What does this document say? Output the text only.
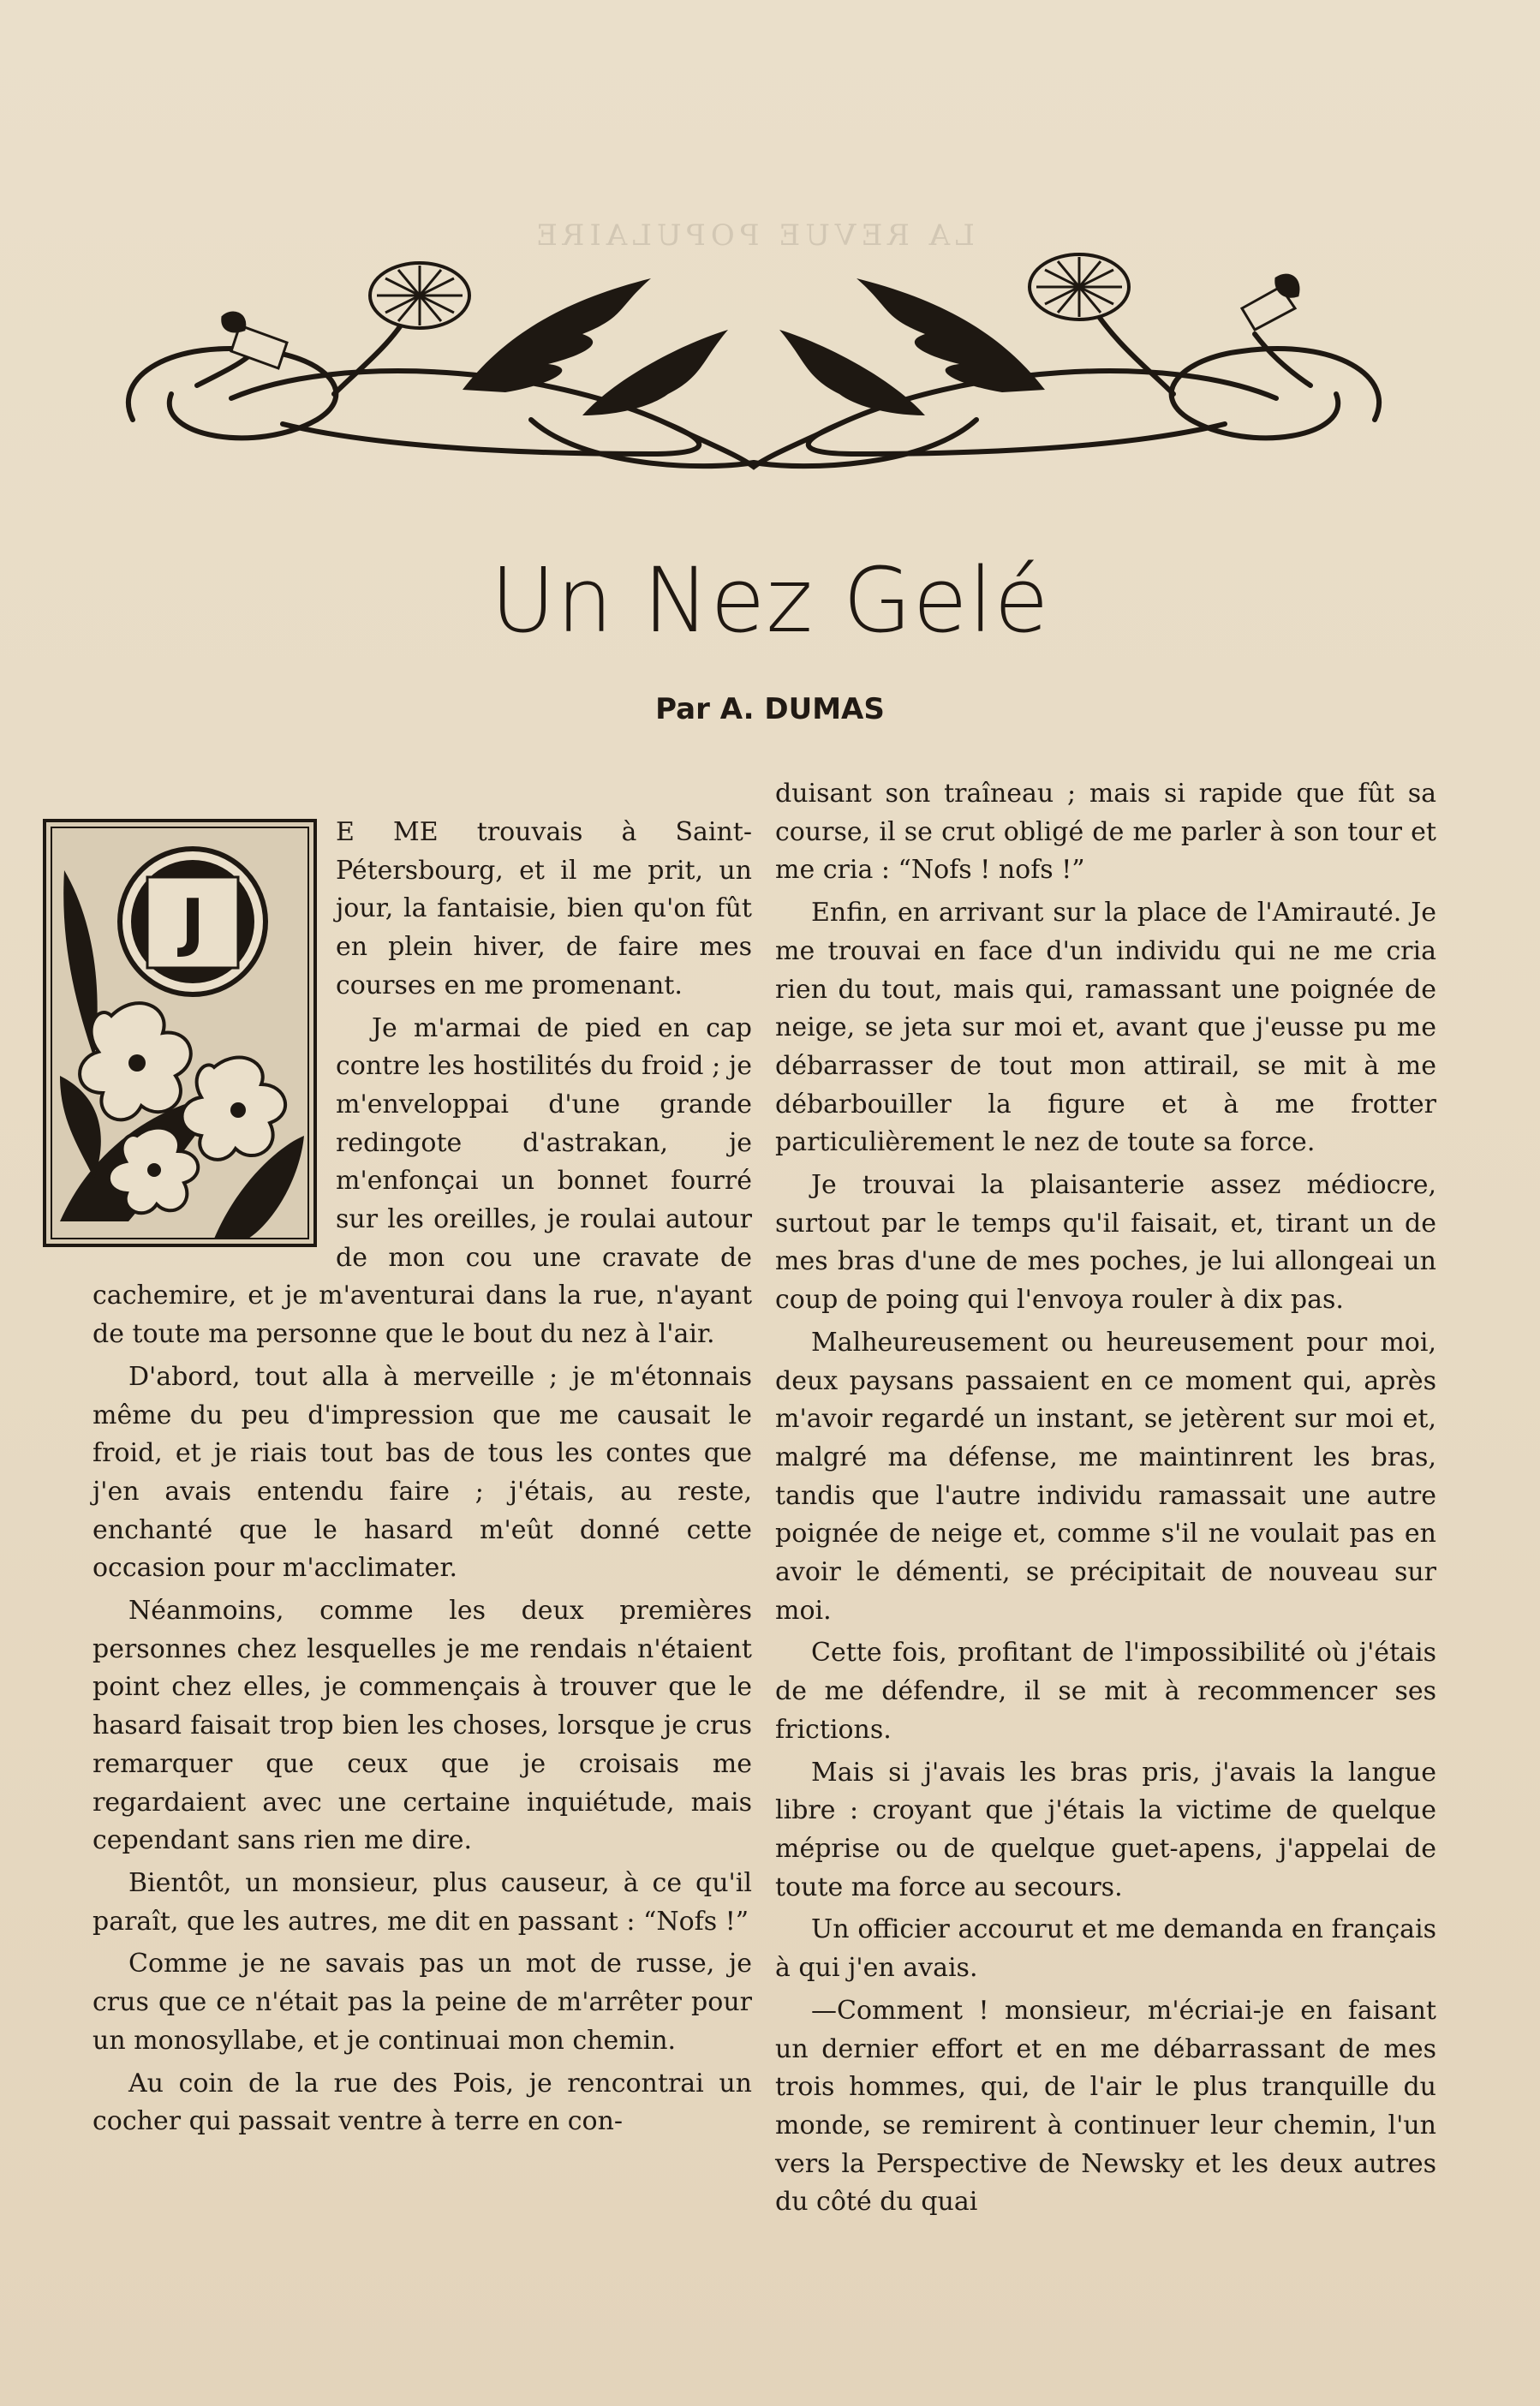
LA REVUE POPULAIRE
Un Nez Gelé
Par A. DUMAS
J

E ME trouvais à Saint-Pétersbourg, et il me prit, un jour, la fantaisie, bien qu'on fût en plein hiver, de faire mes courses en me promenant.

Je m'armai de pied en cap contre les hostilités du froid ; je m'enveloppai d'une grande redingote d'astrakan, je m'enfonçai un bonnet fourré sur les oreilles, je roulai autour de mon cou une cravate de cachemire, et je m'aventurai dans la rue, n'ayant de toute ma personne que le bout du nez à l'air.

D'abord, tout alla à merveille ; je m'étonnais même du peu d'impression que me causait le froid, et je riais tout bas de tous les contes que j'en avais entendu faire ; j'étais, au reste, enchanté que le hasard m'eût donné cette occasion pour m'acclimater.

Néanmoins, comme les deux premières personnes chez lesquelles je me rendais n'étaient point chez elles, je commençais à trouver que le hasard faisait trop bien les choses, lorsque je crus remarquer que ceux que je croisais me regardaient avec une certaine inquiétude, mais cependant sans rien me dire.

Bientôt, un monsieur, plus causeur, à ce qu'il paraît, que les autres, me dit en passant : “Nofs !”

Comme je ne savais pas un mot de russe, je crus que ce n'était pas la peine de m'arrêter pour un monosyllabe, et je continuai mon chemin.

Au coin de la rue des Pois, je rencontrai un cocher qui passait ventre à terre en con-

duisant son traîneau ; mais si rapide que fût sa course, il se crut obligé de me parler à son tour et me cria : “Nofs ! nofs !”

Enfin, en arrivant sur la place de l'Amirauté. Je me trouvai en face d'un individu qui ne me cria rien du tout, mais qui, ramassant une poignée de neige, se jeta sur moi et, avant que j'eusse pu me débarrasser de tout mon attirail, se mit à me débarbouiller la figure et à me frotter particulièrement le nez de toute sa force.

Je trouvai la plaisanterie assez médiocre, surtout par le temps qu'il faisait, et, tirant un de mes bras d'une de mes poches, je lui allongeai un coup de poing qui l'envoya rouler à dix pas.

Malheureusement ou heureusement pour moi, deux paysans passaient en ce moment qui, après m'avoir regardé un instant, se jetèrent sur moi et, malgré ma défense, me maintinrent les bras, tandis que l'autre individu ramassait une autre poignée de neige et, comme s'il ne voulait pas en avoir le démenti, se précipitait de nouveau sur moi.

Cette fois, profitant de l'impossibilité où j'étais de me défendre, il se mit à recommencer ses frictions.

Mais si j'avais les bras pris, j'avais la langue libre : croyant que j'étais la victime de quelque méprise ou de quelque guet-apens, j'appelai de toute ma force au secours.

Un officier accourut et me demanda en français à qui j'en avais.

—Comment ! monsieur, m'écriai-je en faisant un dernier effort et en me débarrassant de mes trois hommes, qui, de l'air le plus tranquille du monde, se remirent à continuer leur chemin, l'un vers la Perspective de Newsky et les deux autres du côté du quai
